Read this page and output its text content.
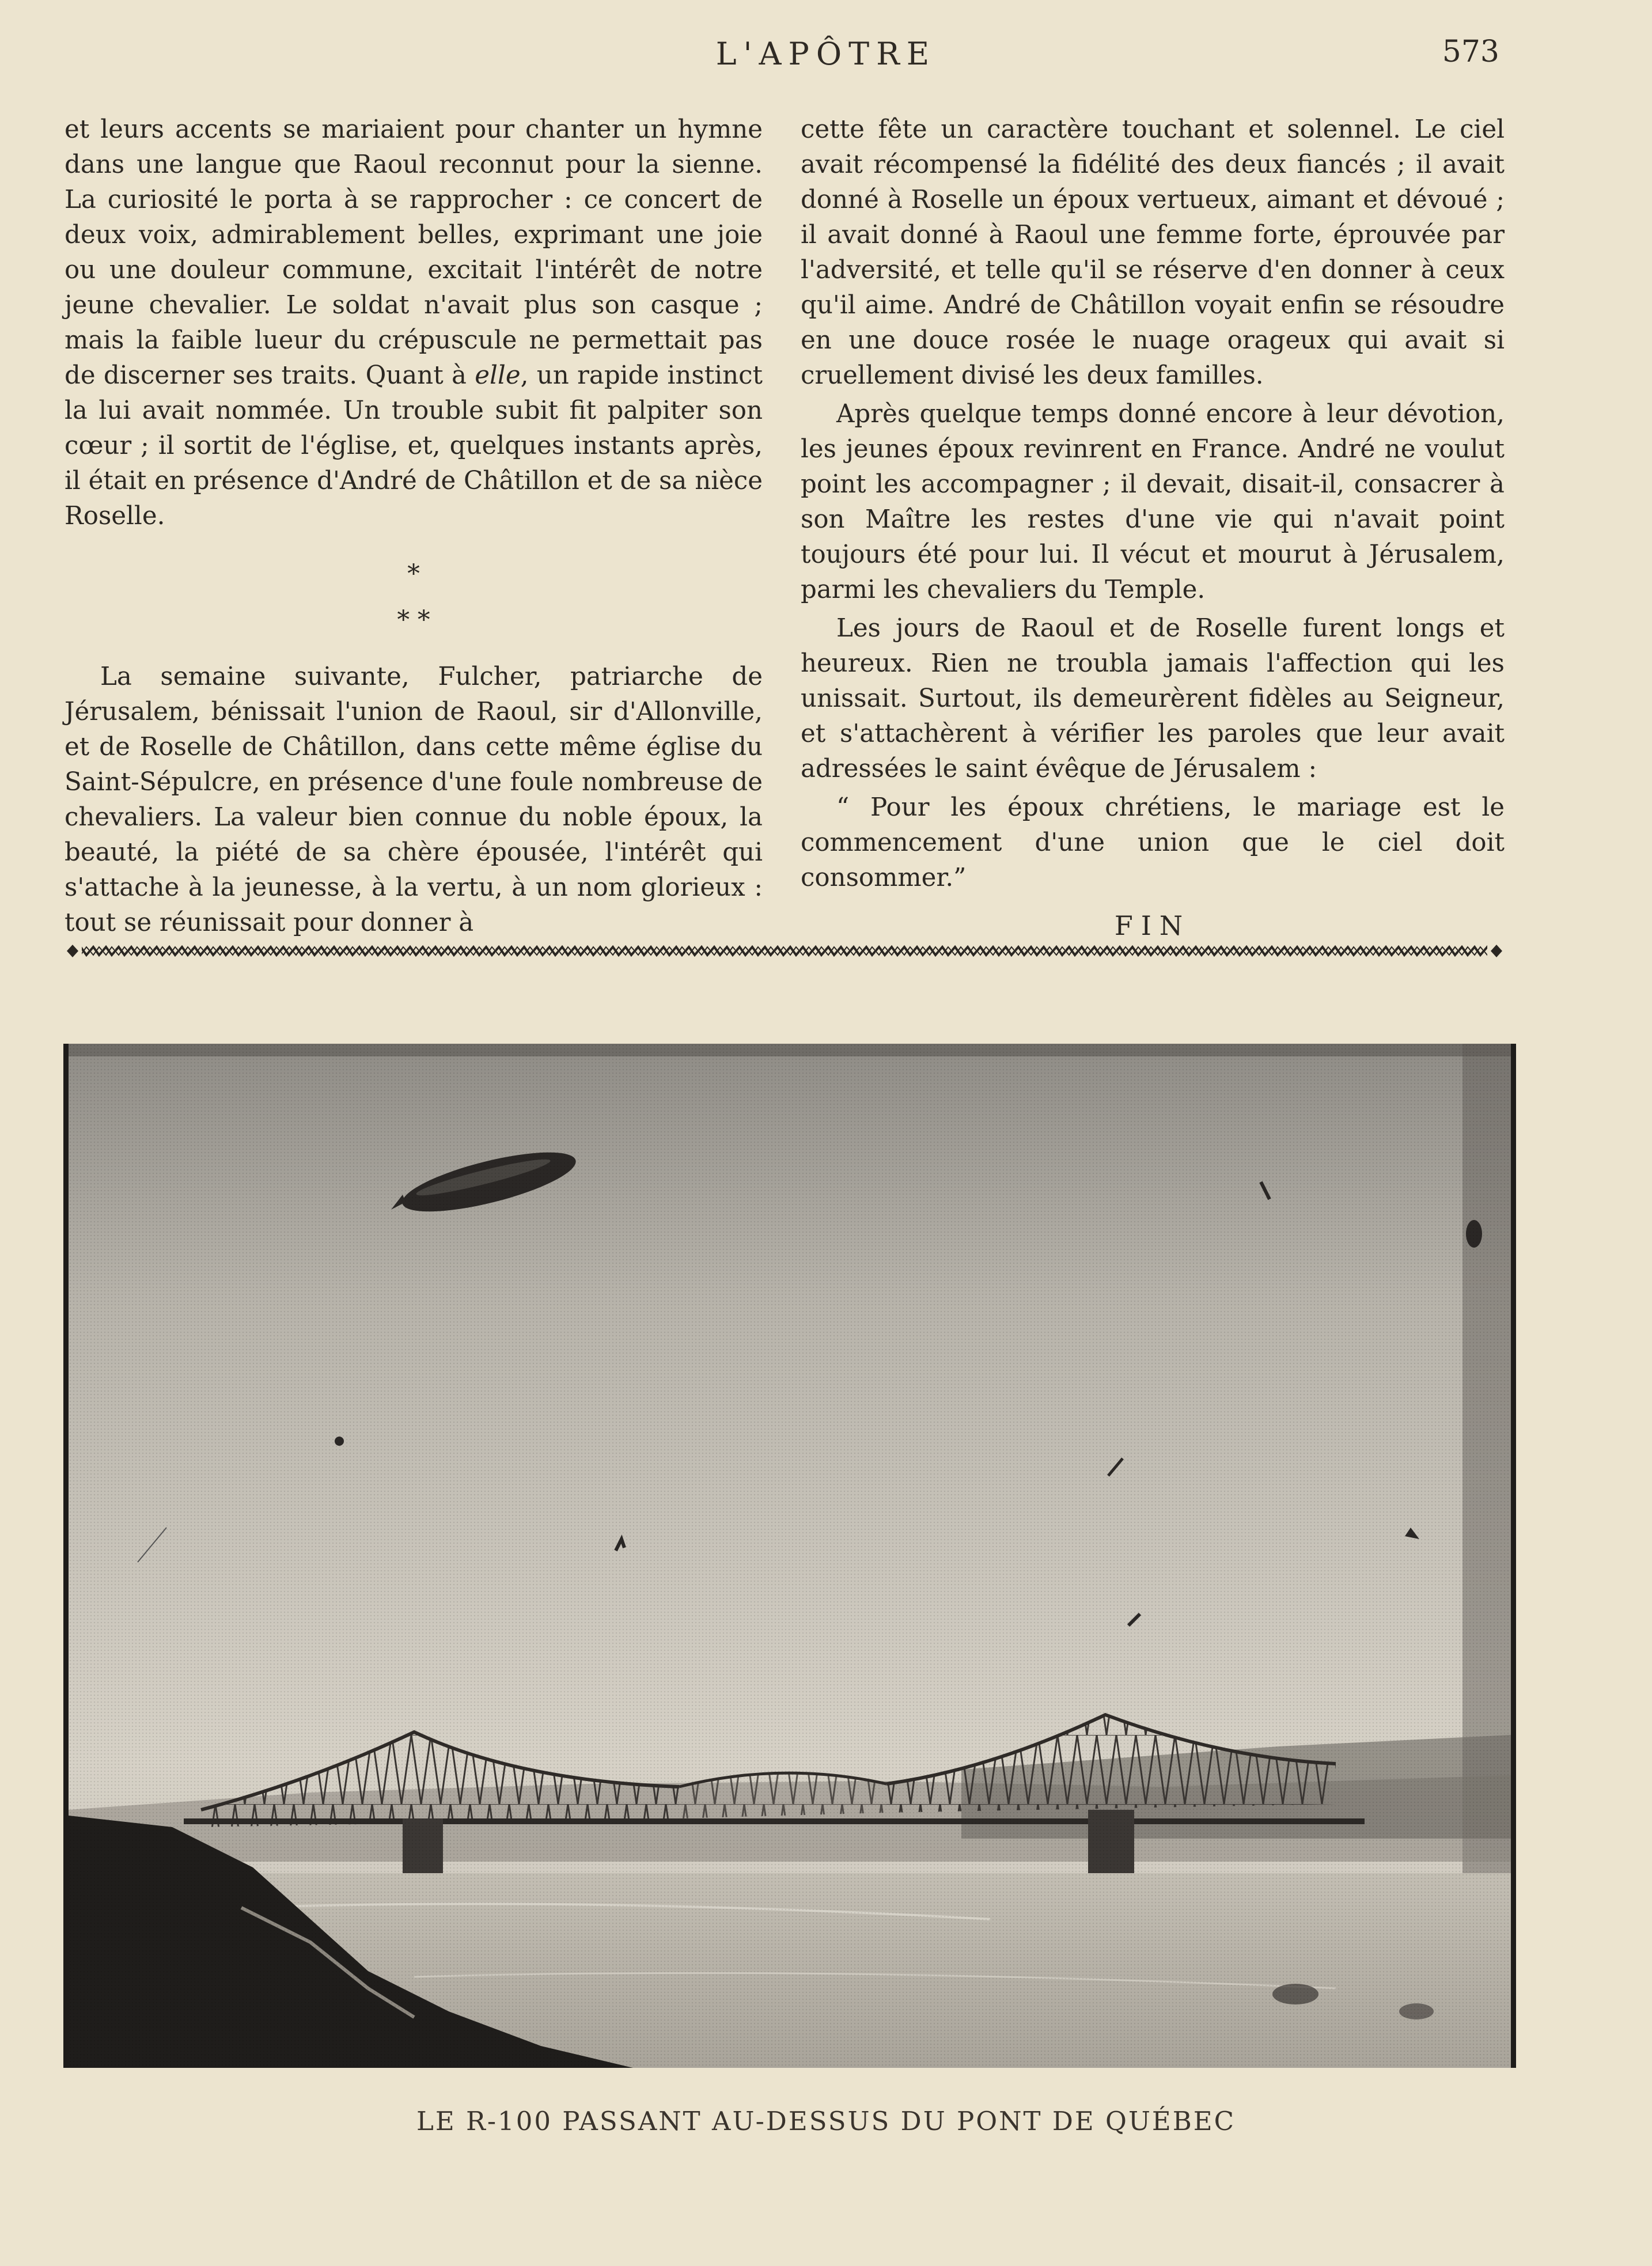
L'APÔTRE	573

et leurs accents se mariaient pour chanter un hymne dans une langue que Raoul reconnut pour la sienne. La curiosité le porta à se rapprocher : ce concert de deux voix, admirablement belles, exprimant une joie ou une douleur commune, excitait l'intérêt de notre jeune chevalier. Le soldat n'avait plus son casque ; mais la faible lueur du crépuscule ne permettait pas de discerner ses traits. Quant à elle, un rapide instinct la lui avait nommée. Un trouble subit fit palpiter son cœur ; il sortit de l'église, et, quelques instants après, il était en présence d'André de Châtillon et de sa nièce Roselle.

*
* *

La semaine suivante, Fulcher, patriarche de Jérusalem, bénissait l'union de Raoul, sir d'Allonville, et de Roselle de Châtillon, dans cette même église du Saint-Sépulcre, en présence d'une foule nombreuse de chevaliers. La valeur bien connue du noble époux, la beauté, la piété de sa chère épousée, l'intérêt qui s'attache à la jeunesse, à la vertu, à un nom glorieux : tout se réunissait pour donner à

cette fête un caractère touchant et solennel. Le ciel avait récompensé la fidélité des deux fiancés ; il avait donné à Roselle un époux vertueux, aimant et dévoué ; il avait donné à Raoul une femme forte, éprouvée par l'adversité, et telle qu'il se réserve d'en donner à ceux qu'il aime. André de Châtillon voyait enfin se résoudre en une douce rosée le nuage orageux qui avait si cruellement divisé les deux familles.

Après quelque temps donné encore à leur dévotion, les jeunes époux revinrent en France. André ne voulut point les accompagner ; il devait, disait-il, consacrer à son Maître les restes d'une vie qui n'avait point toujours été pour lui. Il vécut et mourut à Jérusalem, parmi les chevaliers du Temple.

Les jours de Raoul et de Roselle furent longs et heureux. Rien ne troubla jamais l'affection qui les unissait. Surtout, ils demeurèrent fidèles au Seigneur, et s'attachèrent à vérifier les paroles que leur avait adressées le saint évêque de Jérusalem :

“ Pour les époux chrétiens, le mariage est le commencement d'une union que le ciel doit consommer.”

FIN
LE R-100 PASSANT AU-DESSUS DU PONT DE QUÉBEC
